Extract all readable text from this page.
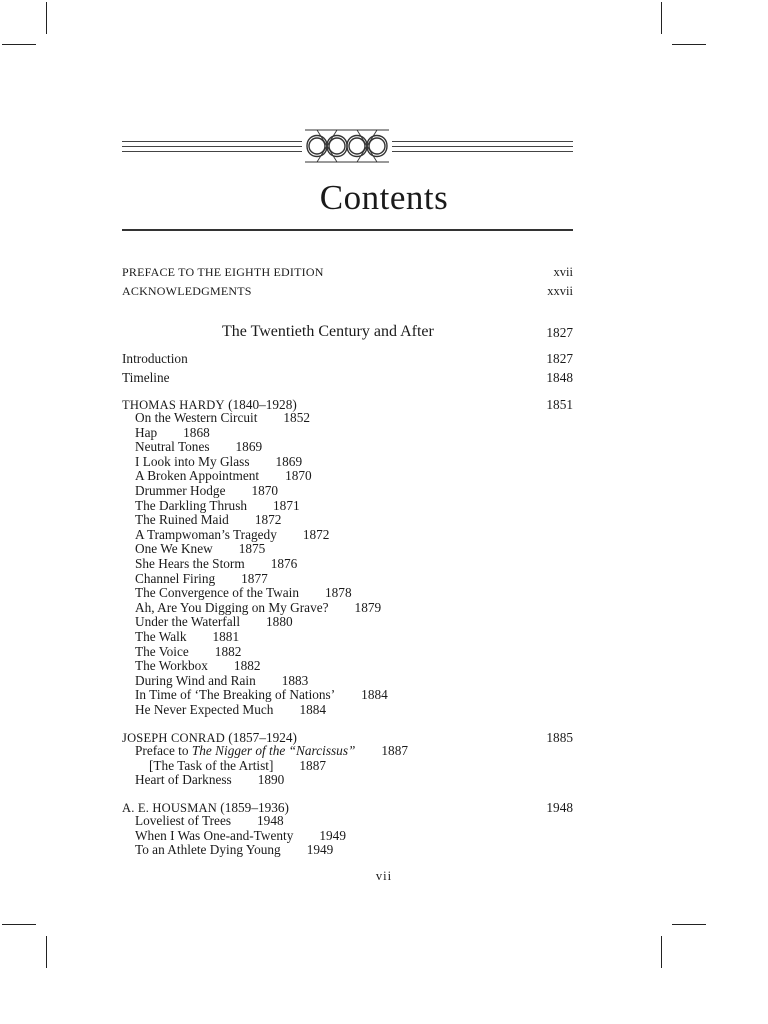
Contents
PREFACE TO THE EIGHTH EDITION	xvii
ACKNOWLEDGMENTS	xxvii
The Twentieth Century and After	1827
Introduction	1827
Timeline	1848
THOMAS HARDY (1840–1928)	1851
On the Western Circuit 1852
Hap 1868
Neutral Tones 1869
I Look into My Glass 1869
A Broken Appointment 1870
Drummer Hodge 1870
The Darkling Thrush 1871
The Ruined Maid 1872
A Trampwoman’s Tragedy 1872
One We Knew 1875
She Hears the Storm 1876
Channel Firing 1877
The Convergence of the Twain 1878
Ah, Are You Digging on My Grave? 1879
Under the Waterfall 1880
The Walk 1881
The Voice 1882
The Workbox 1882
During Wind and Rain 1883
In Time of ‘The Breaking of Nations’ 1884
He Never Expected Much 1884
JOSEPH CONRAD (1857–1924)	1885
Preface to The Nigger of the “Narcissus” 1887
[The Task of the Artist] 1887
Heart of Darkness 1890
A. E. HOUSMAN (1859–1936)	1948
Loveliest of Trees 1948
When I Was One-and-Twenty 1949
To an Athlete Dying Young 1949
vii
